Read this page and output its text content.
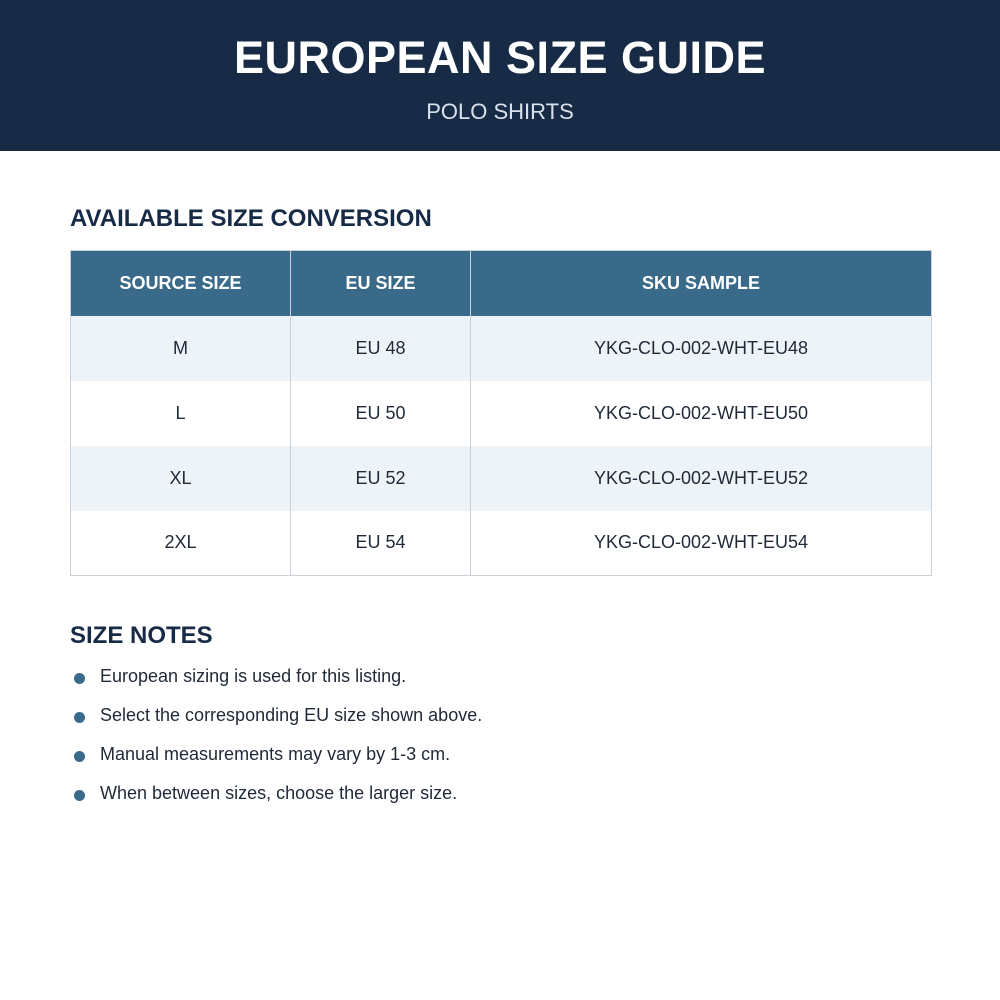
EUROPEAN SIZE GUIDE
POLO SHIRTS
AVAILABLE SIZE CONVERSION
SOURCE SIZE	EU SIZE	SKU SAMPLE
M	EU 48	YKG-CLO-002-WHT-EU48
L	EU 50	YKG-CLO-002-WHT-EU50
XL	EU 52	YKG-CLO-002-WHT-EU52
2XL	EU 54	YKG-CLO-002-WHT-EU54
SIZE NOTES
European sizing is used for this listing.
Select the corresponding EU size shown above.
Manual measurements may vary by 1-3 cm.
When between sizes, choose the larger size.
